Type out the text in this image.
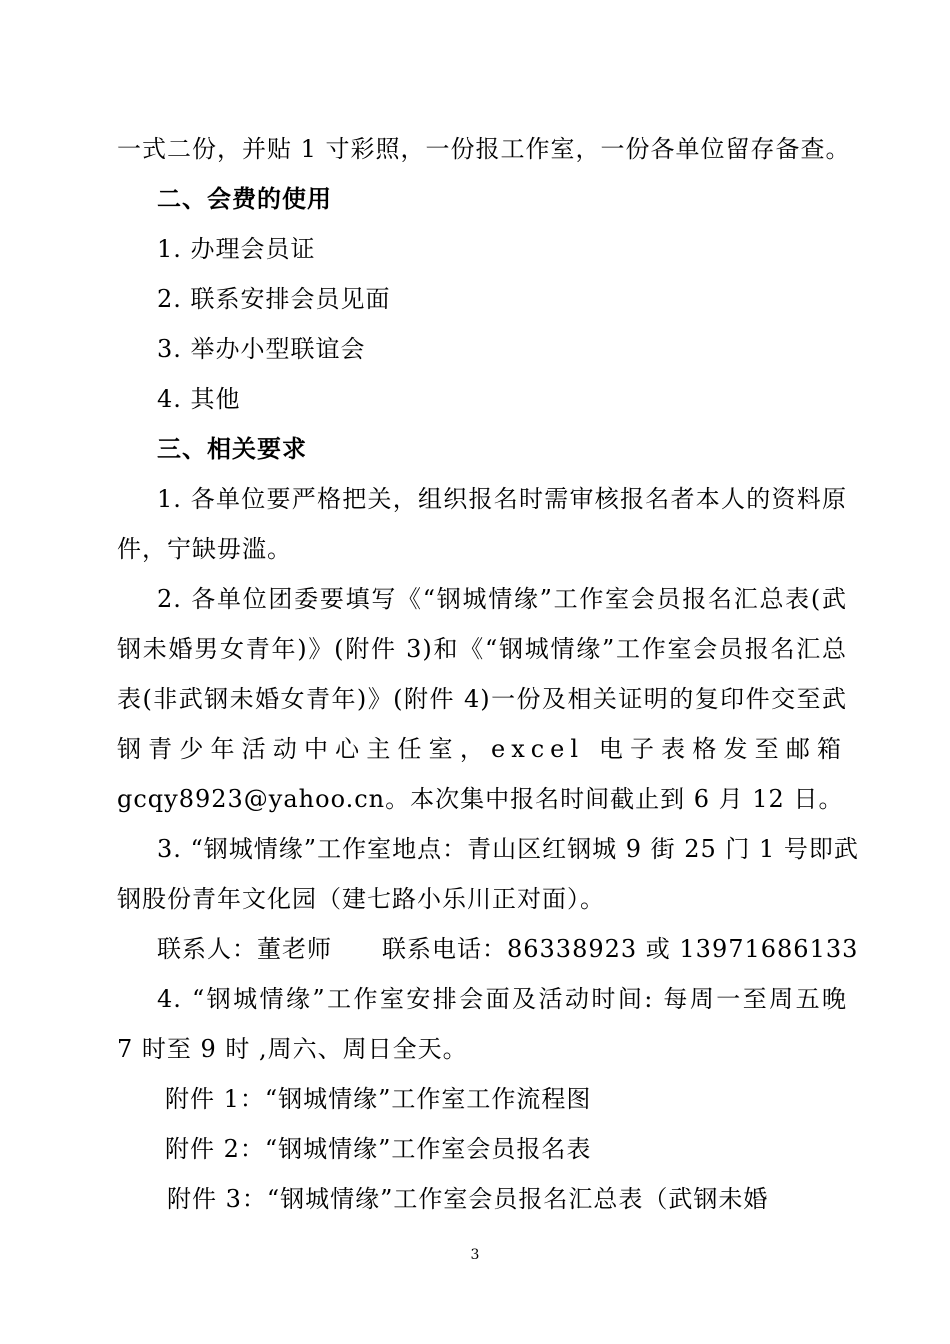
一式二份，并贴 1 寸彩照，一份报工作室，一份各单位留存备查。
二、会费的使用
1. 办理会员证
2. 联系安排会员见面
3. 举办小型联谊会
4. 其他
三、相关要求
1. 各单位要严格把关，组织报名时需审核报名者本人的资料原
件，宁缺毋滥。
2. 各单位团委要填写《“钢城情缘”工作室会员报名汇总表(武
钢未婚男女青年)》(附件 3)和《“钢城情缘”工作室会员报名汇总
表(非武钢未婚女青年)》(附件 4)一份及相关证明的复印件交至武
钢青少年活动中心主任室，excel 电子表格发至邮箱
gcqy8923@yahoo.cn。本次集中报名时间截止到 6 月 12 日。
3. “钢城情缘”工作室地点：青山区红钢城 9 街 25 门 1 号即武
钢股份青年文化园（建七路小乐川正对面）。
联系人：董老师　　联系电话：86338923 或 13971686133
4. “钢城情缘”工作室安排会面及活动时间: 每周一至周五晚
7 时至 9 时 ,周六、周日全天。
附件 1：“钢城情缘”工作室工作流程图
附件 2：“钢城情缘”工作室会员报名表
附件 3：“钢城情缘”工作室会员报名汇总表（武钢未婚
3
